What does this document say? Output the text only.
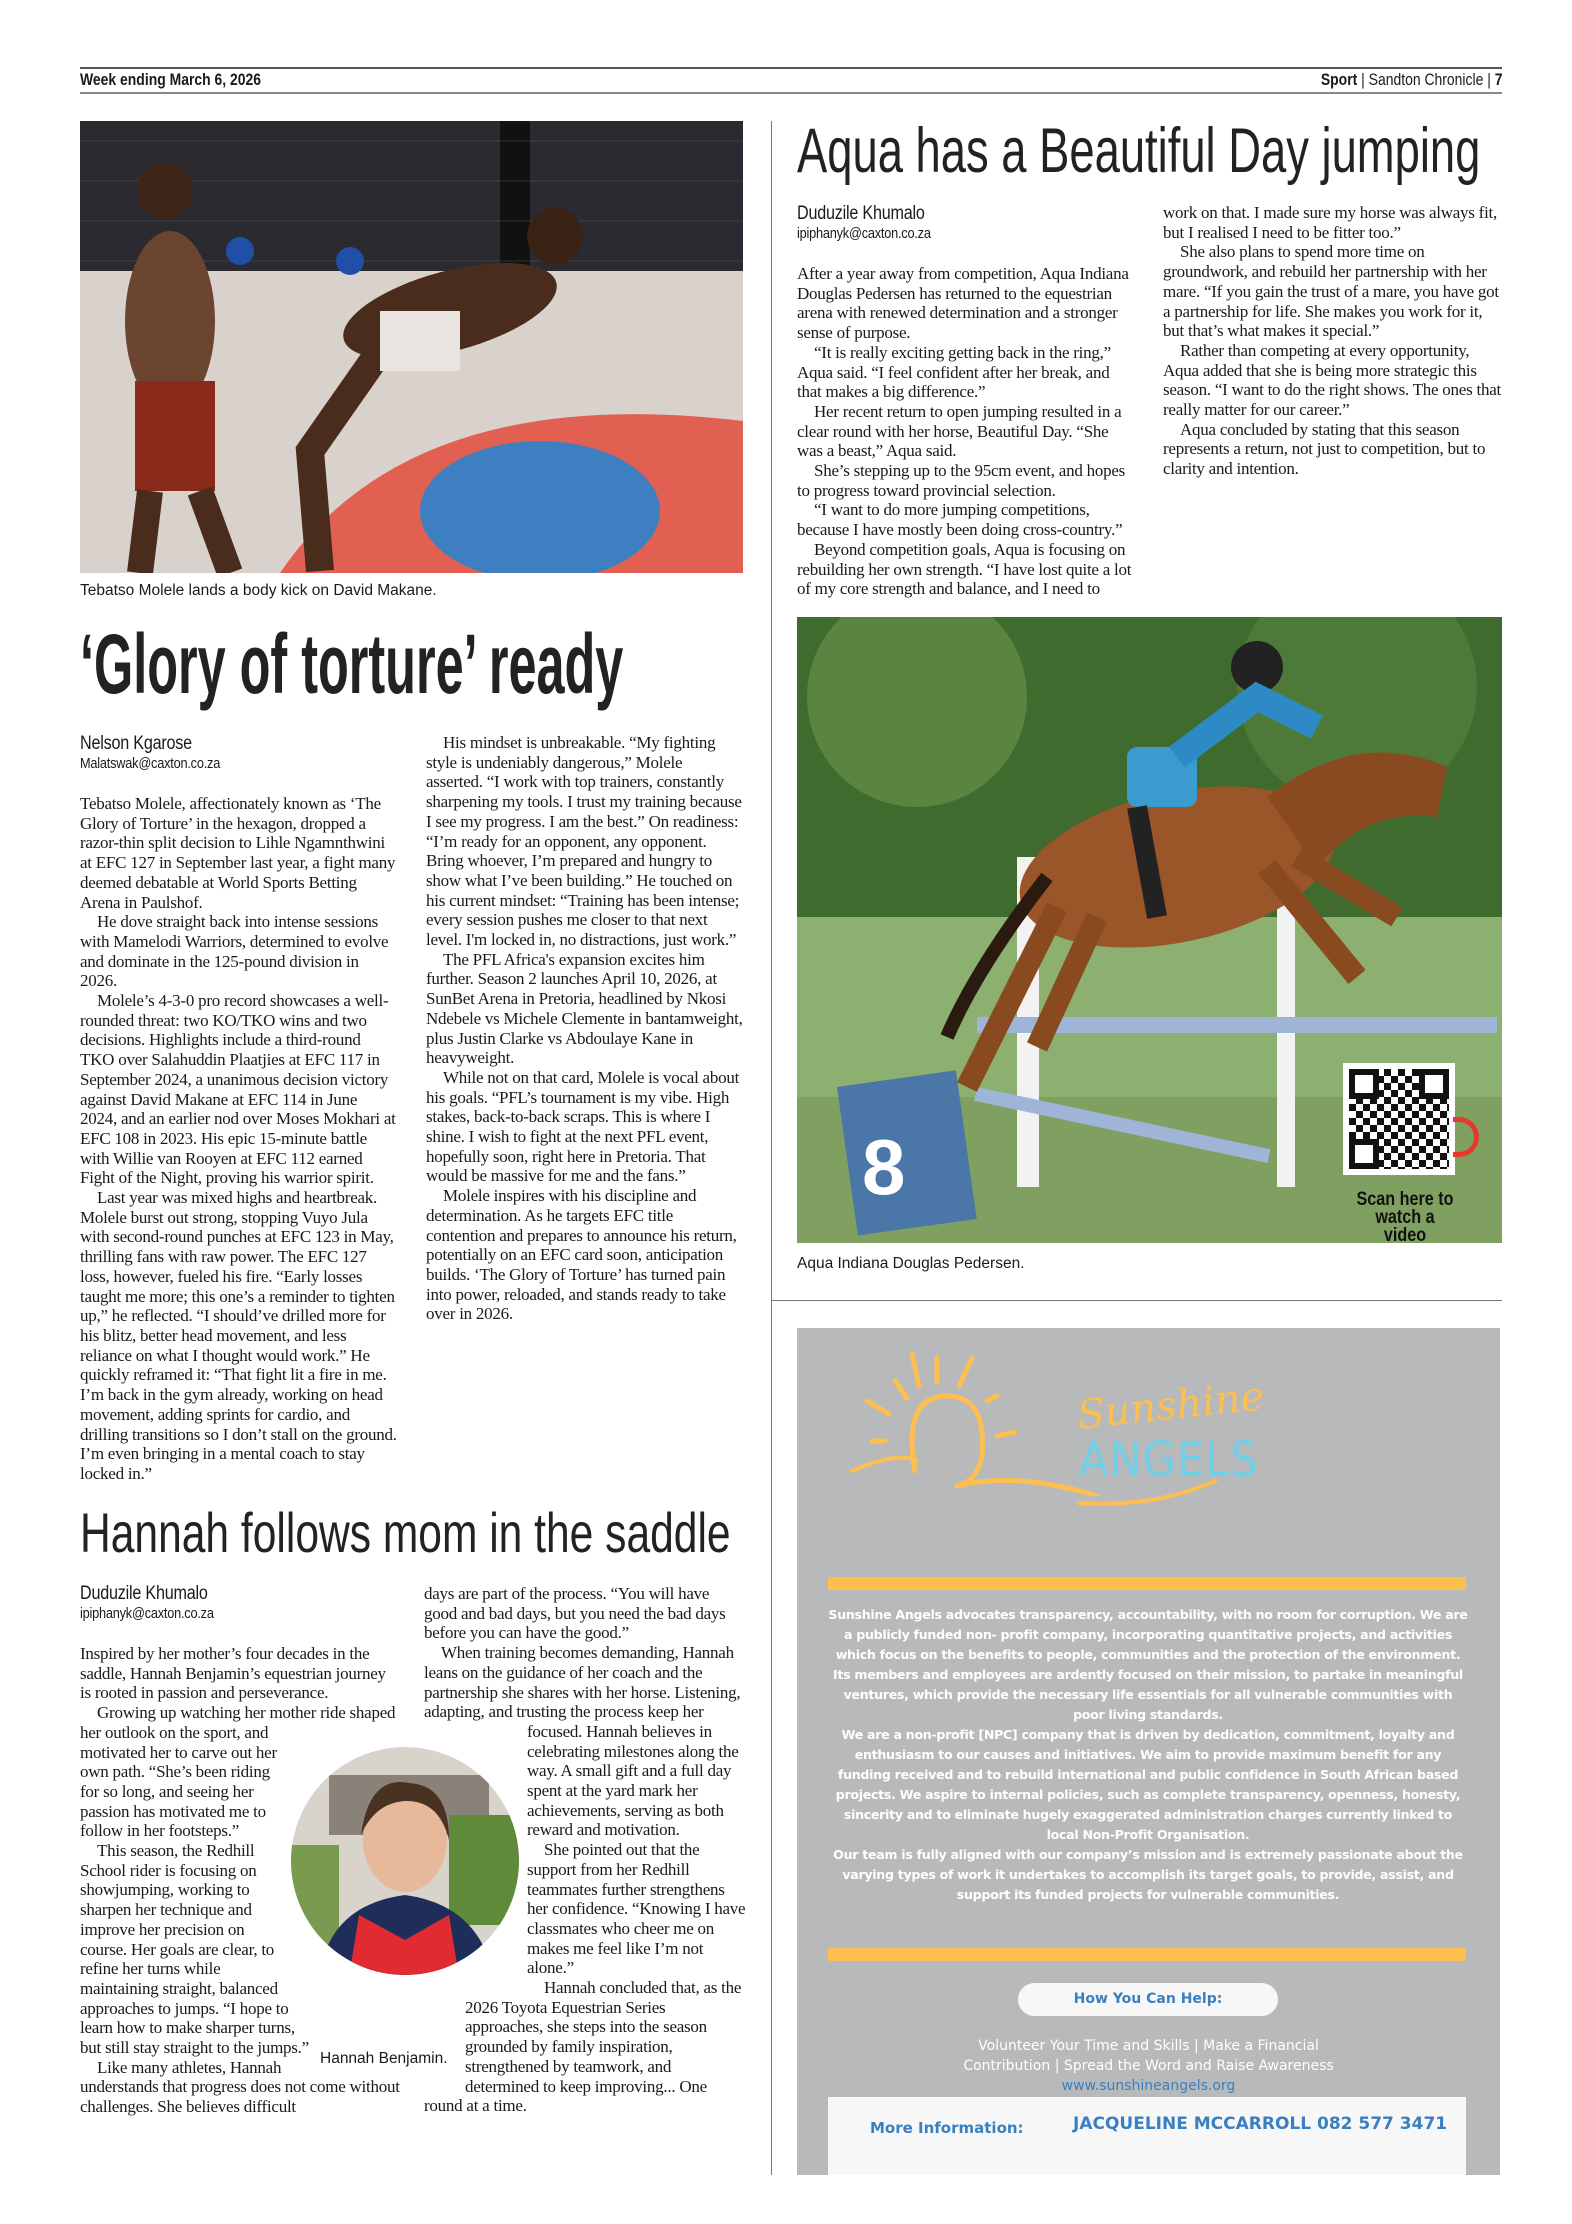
Week ending March 6, 2026	Sport | Sandton Chronicle | 7
Tebatso Molele lands a body kick on David Makane.
‘Glory of torture’ ready
Nelson Kgarose
Malatswak@caxton.co.za

Tebatso Molele, affectionately known as ‘The Glory of Torture’ in the hexagon, dropped a razor-thin split decision to Lihle Ngamnthwini at EFC 127 in September last year, a fight many deemed debatable at World Sports Betting Arena in Paulshof.

He dove straight back into intense sessions with Mamelodi Warriors, determined to evolve and dominate in the 125-pound division in 2026.

Molele’s 4-3-0 pro record showcases a well-rounded threat: two KO/TKO wins and two decisions. Highlights include a third-round TKO over Salahuddin Plaatjies at EFC 117 in September 2024, a unanimous decision victory against David Makane at EFC 114 in June 2024, and an earlier nod over Moses Mokhari at EFC 108 in 2023. His epic 15-minute battle with Willie van Rooyen at EFC 112 earned Fight of the Night, proving his warrior spirit.

Last year was mixed highs and heartbreak. Molele burst out strong, stopping Vuyo Jula with second-round punches at EFC 123 in May, thrilling fans with raw power. The EFC 127 loss, however, fueled his fire. “Early losses taught me more; this one’s a reminder to tighten up,” he reflected. “I should’ve drilled more for his blitz, better head movement, and less reliance on what I thought would work.” He quickly reframed it: “That fight lit a fire in me. I’m back in the gym already, working on head movement, adding sprints for cardio, and drilling transitions so I don’t stall on the ground. I’m even bringing in a mental coach to stay locked in.”

His mindset is unbreakable. “My fighting style is undeniably dangerous,” Molele asserted. “I work with top trainers, constantly sharpening my tools. I trust my training because I see my progress. I am the best.” On readiness: “I’m ready for an opponent, any opponent. Bring whoever, I’m prepared and hungry to show what I’ve been building.” He touched on his current mindset: “Training has been intense; every session pushes me closer to that next level. I'm locked in, no distractions, just work.”

The PFL Africa's expansion excites him further. Season 2 launches April 10, 2026, at SunBet Arena in Pretoria, headlined by Nkosi Ndebele vs Michele Clemente in bantamweight, plus Justin Clarke vs Abdoulaye Kane in heavyweight.

While not on that card, Molele is vocal about his goals. “PFL’s tournament is my vibe. High stakes, back-to-back scraps. This is where I shine. I wish to fight at the next PFL event, hopefully soon, right here in Pretoria. That would be massive for me and the fans.”

Molele inspires with his discipline and determination. As he targets EFC title contention and prepares to announce his return, potentially on an EFC card soon, anticipation builds. ‘The Glory of Torture’ has turned pain into power, reloaded, and stands ready to take over in 2026.

Hannah follows mom in the saddle
Duduzile Khumalo
ipiphanyk@caxton.co.za

Inspired by her mother’s four decades in the saddle, Hannah Benjamin’s equestrian journey is rooted in passion and perseverance.

Growing up watching her mother ride shaped her outlook on the sport, and motivated her to carve out her own path. “She’s been riding for so long, and seeing her passion has motivated me to follow in her footsteps.”

This season, the Redhill School rider is focusing on showjumping, working to sharpen her technique and improve her precision on course. Her goals are clear, to refine her turns while maintaining straight, balanced approaches to jumps. “I hope to learn how to make sharper turns, but still stay straight to the jumps.”

Like many athletes, Hannah understands that progress does not come without challenges. She believes difficult

days are part of the process. “You will have good and bad days, but you need the bad days before you can have the good.”

When training becomes demanding, Hannah leans on the guidance of her coach and the partnership she shares with her horse. Listening, adapting, and trusting the process keep her focused. Hannah believes in celebrating milestones along the way. A small gift and a full day spent at the yard mark her achievements, serving as both reward and motivation.

She pointed out that the support from her Redhill teammates further strengthens her confidence. “Knowing I have classmates who cheer me on makes me feel like I’m not alone.”

Hannah concluded that, as the 2026 Toyota Equestrian Series approaches, she steps into the season grounded by family inspiration, strengthened by teamwork, and determined to keep improving... One round at a time.

Hannah Benjamin.
Aqua has a Beautiful Day jumping
Duduzile Khumalo
ipiphanyk@caxton.co.za

After a year away from competition, Aqua Indiana Douglas Pedersen has returned to the equestrian arena with renewed determination and a stronger sense of purpose.

“It is really exciting getting back in the ring,” Aqua said. “I feel confident after her break, and that makes a big difference.”

Her recent return to open jumping resulted in a clear round with her horse, Beautiful Day. “She was a beast,” Aqua said.

She’s stepping up to the 95cm event, and hopes to progress toward provincial selection.

“I want to do more jumping competitions, because I have mostly been doing cross-country.”

Beyond competition goals, Aqua is focusing on rebuilding her own strength. “I have lost quite a lot of my core strength and balance, and I need to work on that. I made sure my horse was always fit, but I realised I need to be fitter too.”

She also plans to spend more time on groundwork, and rebuild her partnership with her mare. “If you gain the trust of a mare, you have got a partnership for life. She makes you work for it, but that’s what makes it special.”

Rather than competing at every opportunity, Aqua added that she is being more strategic this season. “I want to do the right shows. The ones that really matter for our career.”

Aqua concluded by stating that this season represents a return, not just to competition, but to clarity and intention.

8	Scan here to watch a video
Aqua Indiana Douglas Pedersen.
Sunshine
ANGELS
Sunshine Angels advocates transparency, accountability, with no room for corruption. We are a publicly funded non- profit company, incorporating quantitative projects, and activities which focus on the benefits to people, communities and the protection of the environment.
Its members and employees are ardently focused on their mission, to partake in meaningful ventures, which provide the necessary life essentials for all vulnerable communities with poor living standards.
We are a non-profit [NPC] company that is driven by dedication, commitment, loyalty and enthusiasm to our causes and initiatives. We aim to provide maximum benefit for any funding received and to rebuild international and public confidence in South African based projects. We aspire to internal policies, such as complete transparency, openness, honesty, sincerity and to eliminate hugely exaggerated administration charges currently linked to local Non-Profit Organisation.
Our team is fully aligned with our company’s mission and is extremely passionate about the varying types of work it undertakes to accomplish its target goals, to provide, assist, and support its funded projects for vulnerable communities.
How You Can Help:
Volunteer Your Time and Skills | Make a Financial
Contribution | Spread the Word and Raise Awareness
www.sunshineangels.org
More Information:	JACQUELINE MCCARROLL 082 577 3471
